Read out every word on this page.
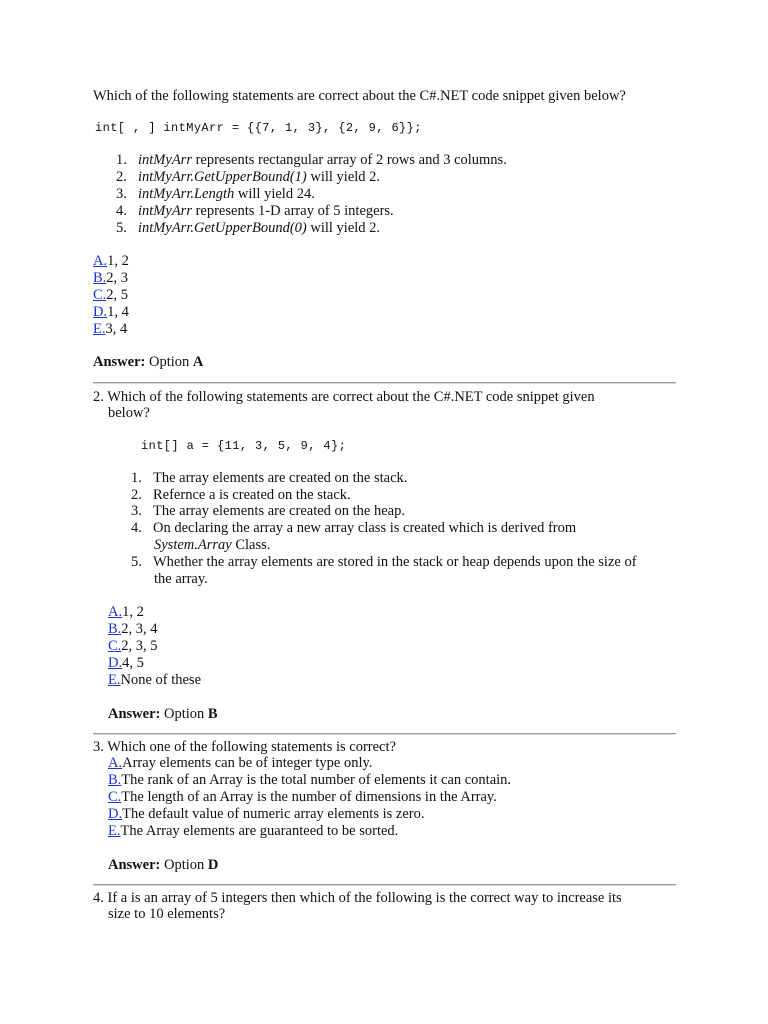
Which of the following statements are correct about the C#.NET code snippet given below?
int[ , ] intMyArr = {{7, 1, 3}, {2, 9, 6}};
1. intMyArr represents rectangular array of 2 rows and 3 columns.
2. intMyArr.GetUpperBound(1) will yield 2.
3. intMyArr.Length will yield 24.
4. intMyArr represents 1-D array of 5 integers.
5. intMyArr.GetUpperBound(0) will yield 2.
A.1, 2
B.2, 3
C.2, 5
D.1, 4
E.3, 4
Answer: Option A
2. Which of the following statements are correct about the C#.NET code snippet given
below?
int[] a = {11, 3, 5, 9, 4};
1. The array elements are created on the stack.
2. Refernce a is created on the stack.
3. The array elements are created on the heap.
4. On declaring the array a new array class is created which is derived from
System.Array Class.
5. Whether the array elements are stored in the stack or heap depends upon the size of
the array.
A.1, 2
B.2, 3, 4
C.2, 3, 5
D.4, 5
E.None of these
Answer: Option B
3. Which one of the following statements is correct?
A.Array elements can be of integer type only.
B.The rank of an Array is the total number of elements it can contain.
C.The length of an Array is the number of dimensions in the Array.
D.The default value of numeric array elements is zero.
E.The Array elements are guaranteed to be sorted.
Answer: Option D
4. If a is an array of 5 integers then which of the following is the correct way to increase its
size to 10 elements?
